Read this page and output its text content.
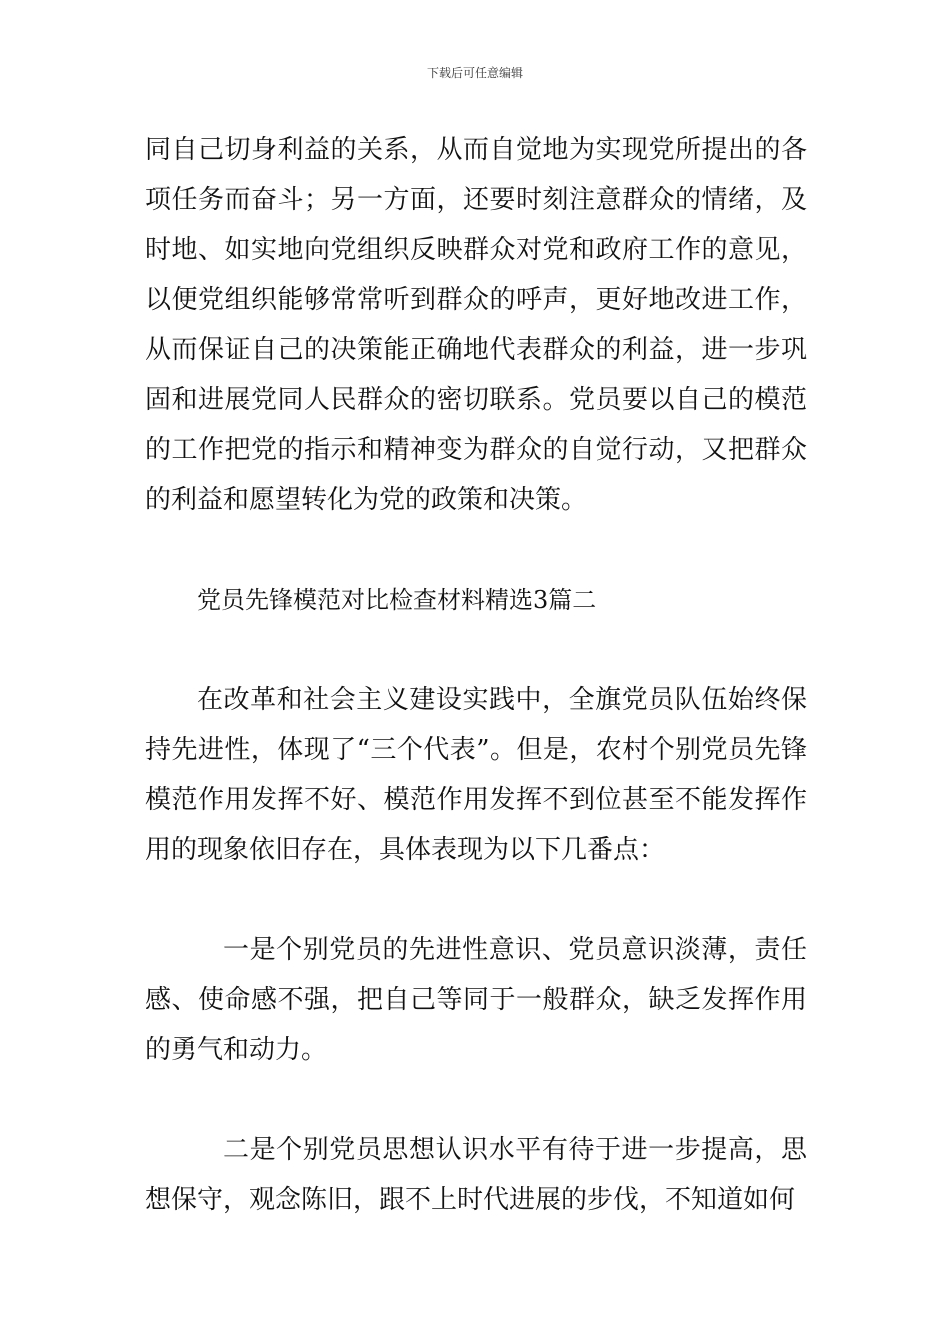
下载后可任意编辑

同自己切身利益的关系，从而自觉地为实现党所提出的各项任务而奋斗；另一方面，还要时刻注意群众的情绪，及时地、如实地向党组织反映群众对党和政府工作的意见，以便党组织能够常常听到群众的呼声，更好地改进工作，从而保证自己的决策能正确地代表群众的利益，进一步巩固和进展党同人民群众的密切联系。党员要以自己的模范的工作把党的指示和精神变为群众的自觉行动，又把群众的利益和愿望转化为党的政策和决策。

党员先锋模范对比检查材料精选3篇二

在改革和社会主义建设实践中，全旗党员队伍始终保持先进性，体现了“三个代表”。但是，农村个别党员先锋模范作用发挥不好、模范作用发挥不到位甚至不能发挥作用的现象依旧存在，具体表现为以下几番点：

一是个别党员的先进性意识、党员意识淡薄，责任感、使命感不强，把自己等同于一般群众，缺乏发挥作用的勇气和动力。

二是个别党员思想认识水平有待于进一步提高，思想保守，观念陈旧，跟不上时代进展的步伐，不知道如何
